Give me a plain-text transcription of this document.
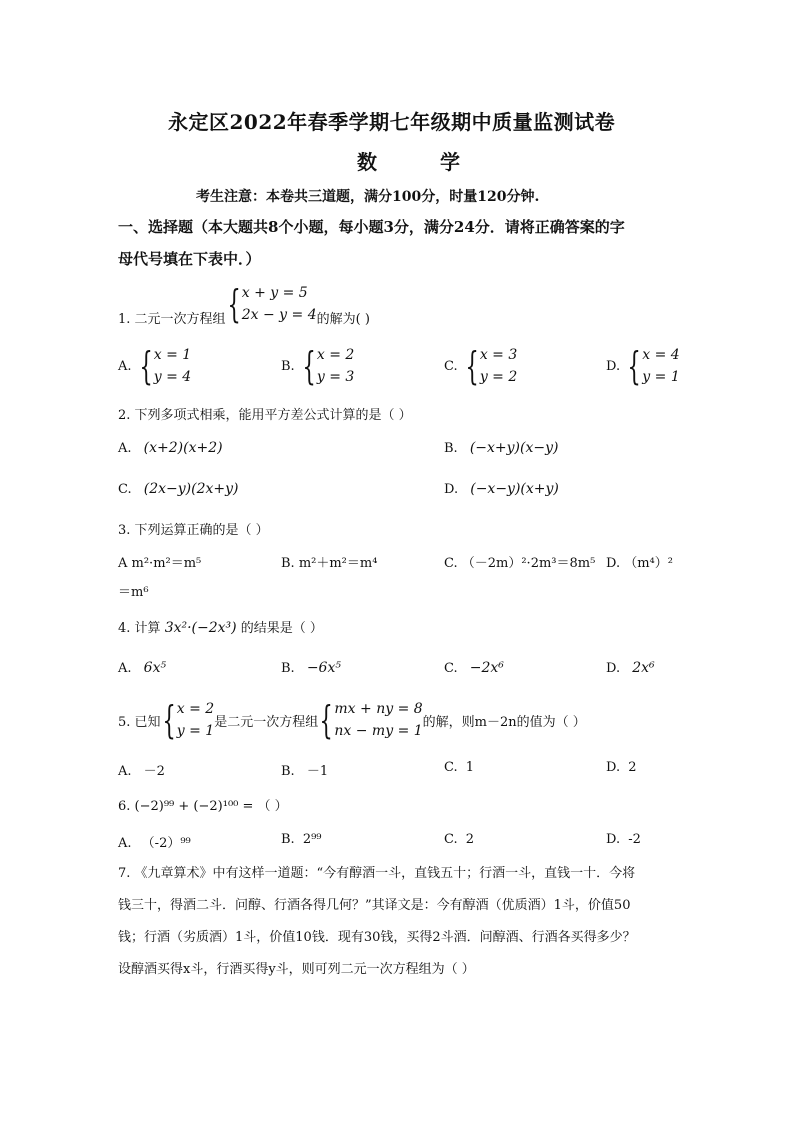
永定区2022年春季学期七年级期中质量监测试卷
数 学
考生注意：本卷共三道题，满分100分，时量120分钟.
一、选择题（本大题共8个小题，每小题3分，满分24分．请将正确答案的字
母代号填在下表中．）
1. 二元一次方程组 { x + y = 5
2x − y = 4 的解为( )
A. { x = 1
y = 4
B. { x = 2
y = 3
C. { x = 3
y = 2
D. { x = 4
y = 1
2. 下列多项式相乘，能用平方差公式计算的是（ ）
A. (x+2)(x+2)	B. (−x+y)(x−y)
C. (2x−y)(2x+y)	D. (−x−y)(x+y)
3. 下列运算正确的是（ ）
A m²·m²＝m⁵	B. m²＋m²＝m⁴	C. （－2m）²·2m³＝8m⁵ D. （m⁴）²
＝m⁶
4. 计算 3x²·(−2x³) 的结果是（ ）
A. 6x⁵	B. −6x⁵	C. −2x⁶	D. 2x⁶
5. 已知 { x = 2
y = 1
是二元一次方程组 { mx + ny = 8
nx − my = 1
的解，则m－2n的值为（ ）
A. －2	B. －1	C. 1	D. 2
6. (−2)⁹⁹ + (−2)¹⁰⁰ = （ ）
A. （-2）⁹⁹	B. 2⁹⁹	C. 2	D. -2
7. 《九章算术》中有这样一道题：“今有醇酒一斗，直钱五十；行酒一斗，直钱一十．今将
钱三十，得酒二斗．问醇、行酒各得几何？”其译文是：今有醇酒（优质酒）1斗，价值50
钱；行酒（劣质酒）1斗，价值10钱．现有30钱，买得2斗酒．问醇酒、行酒各买得多少？
设醇酒买得x斗，行酒买得y斗，则可列二元一次方程组为（ ）
